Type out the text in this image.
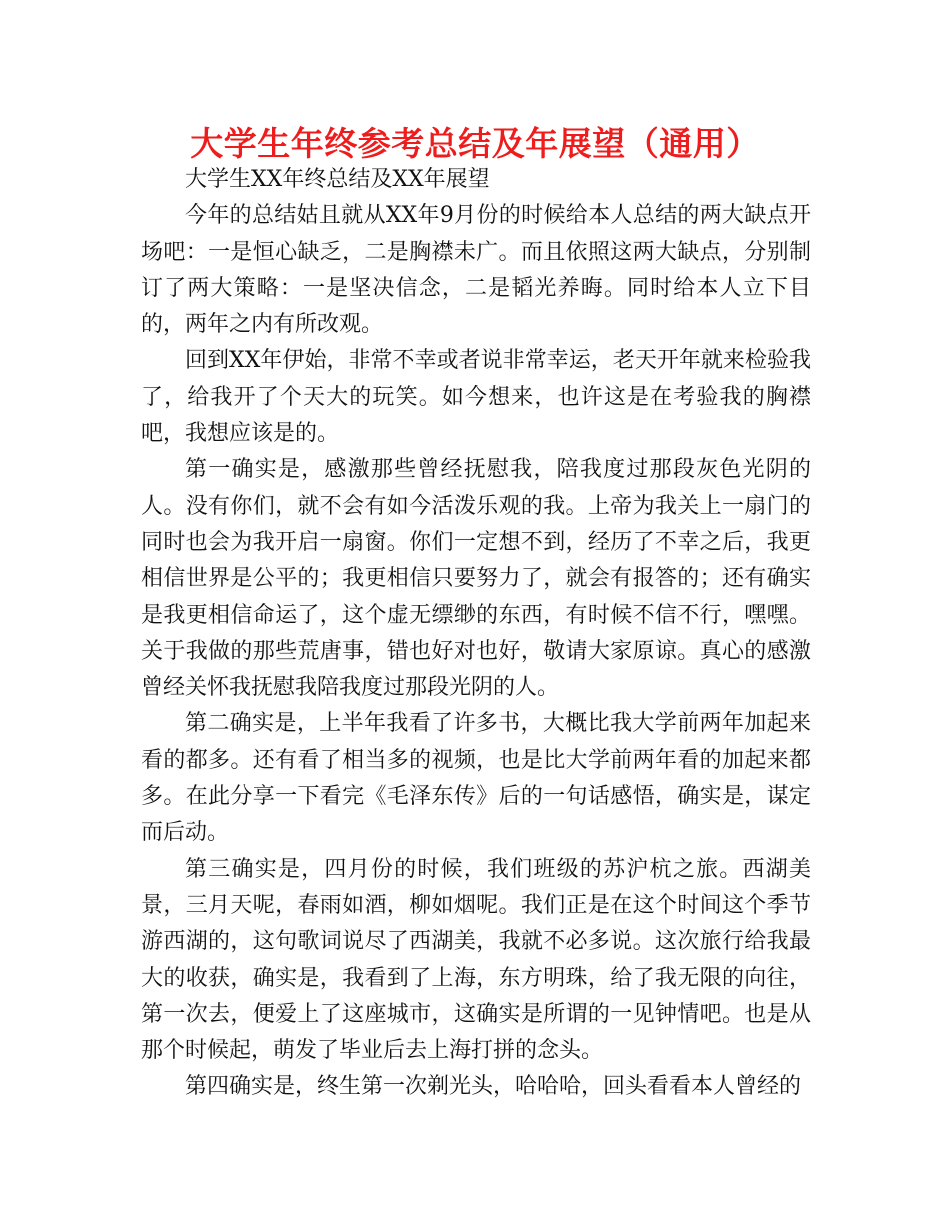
大学生年终参考总结及年展望（通用）

大学生XX年终总结及XX年展望

今年的总结姑且就从XX年9月份的时候给本人总结的两大缺点开场吧：一是恒心缺乏，二是胸襟未广。而且依照这两大缺点，分别制订了两大策略：一是坚决信念，二是韬光养晦。同时给本人立下目的，两年之内有所改观。

回到XX年伊始，非常不幸或者说非常幸运，老天开年就来检验我了，给我开了个天大的玩笑。如今想来，也许这是在考验我的胸襟吧，我想应该是的。

第一确实是，感激那些曾经抚慰我，陪我度过那段灰色光阴的人。没有你们，就不会有如今活泼乐观的我。上帝为我关上一扇门的同时也会为我开启一扇窗。你们一定想不到，经历了不幸之后，我更相信世界是公平的；我更相信只要努力了，就会有报答的；还有确实是我更相信命运了，这个虚无缥缈的东西，有时候不信不行，嘿嘿。关于我做的那些荒唐事，错也好对也好，敬请大家原谅。真心的感激曾经关怀我抚慰我陪我度过那段光阴的人。

第二确实是，上半年我看了许多书，大概比我大学前两年加起来看的都多。还有看了相当多的视频，也是比大学前两年看的加起来都多。在此分享一下看完《毛泽东传》后的一句话感悟，确实是，谋定而后动。

第三确实是，四月份的时候，我们班级的苏沪杭之旅。西湖美景，三月天呢，春雨如酒，柳如烟呢。我们正是在这个时间这个季节游西湖的，这句歌词说尽了西湖美，我就不必多说。这次旅行给我最大的收获，确实是，我看到了上海，东方明珠，给了我无限的向往，第一次去，便爱上了这座城市，这确实是所谓的一见钟情吧。也是从那个时候起，萌发了毕业后去上海打拼的念头。

第四确实是，终生第一次剃光头，哈哈哈，回头看看本人曾经的
